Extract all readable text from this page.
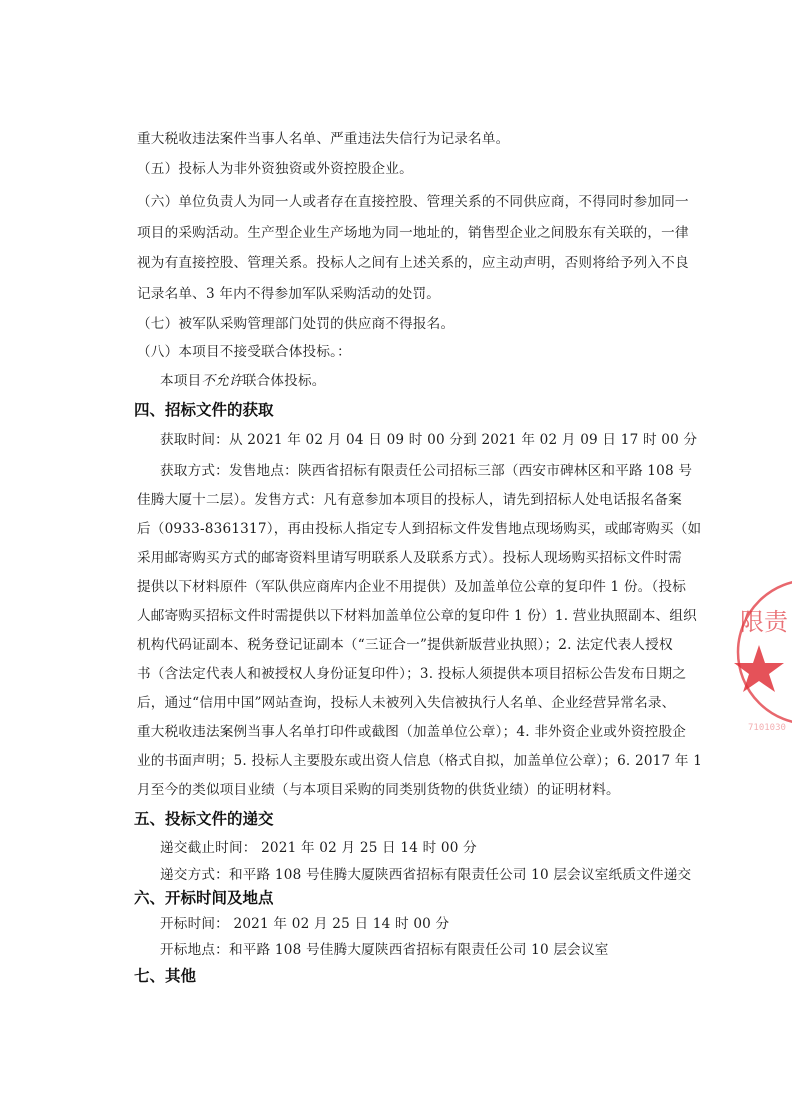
重大税收违法案件当事人名单、严重违法失信行为记录名单。
（五）投标人为非外资独资或外资控股企业。
（六）单位负责人为同一人或者存在直接控股、管理关系的不同供应商，不得同时参加同一
项目的采购活动。生产型企业生产场地为同一地址的，销售型企业之间股东有关联的，一律
视为有直接控股、管理关系。投标人之间有上述关系的，应主动声明，否则将给予列入不良
记录名单、3 年内不得参加军队采购活动的处罚。
（七）被军队采购管理部门处罚的供应商不得报名。
（八）本项目不接受联合体投标。：
本项目不允许联合体投标。
四、招标文件的获取
获取时间：从 2021 年 02 月 04 日 09 时 00 分到 2021 年 02 月 09 日 17 时 00 分
获取方式：发售地点：陕西省招标有限责任公司招标三部（西安市碑林区和平路 108 号
佳腾大厦十二层）。发售方式：凡有意参加本项目的投标人，请先到招标人处电话报名备案
后（0933-8361317），再由投标人指定专人到招标文件发售地点现场购买，或邮寄购买（如
采用邮寄购买方式的邮寄资料里请写明联系人及联系方式）。投标人现场购买招标文件时需
提供以下材料原件（军队供应商库内企业不用提供）及加盖单位公章的复印件 1 份。（投标
人邮寄购买招标文件时需提供以下材料加盖单位公章的复印件 1 份）1. 营业执照副本、组织
机构代码证副本、税务登记证副本（“三证合一”提供新版营业执照）；2. 法定代表人授权
书（含法定代表人和被授权人身份证复印件）；3. 投标人须提供本项目招标公告发布日期之
后，通过“信用中国”网站查询，投标人未被列入失信被执行人名单、企业经营异常名录、
重大税收违法案例当事人名单打印件或截图（加盖单位公章）；4. 非外资企业或外资控股企
业的书面声明；5. 投标人主要股东或出资人信息（格式自拟，加盖单位公章）；6. 2017 年 1
月至今的类似项目业绩（与本项目采购的同类别货物的供货业绩）的证明材料。
五、投标文件的递交
递交截止时间： 2021 年 02 月 25 日 14 时 00 分
递交方式：和平路 108 号佳腾大厦陕西省招标有限责任公司 10 层会议室纸质文件递交
六、开标时间及地点
开标时间： 2021 年 02 月 25 日 14 时 00 分
开标地点：和平路 108 号佳腾大厦陕西省招标有限责任公司 10 层会议室
七、其他
限责
7101030
